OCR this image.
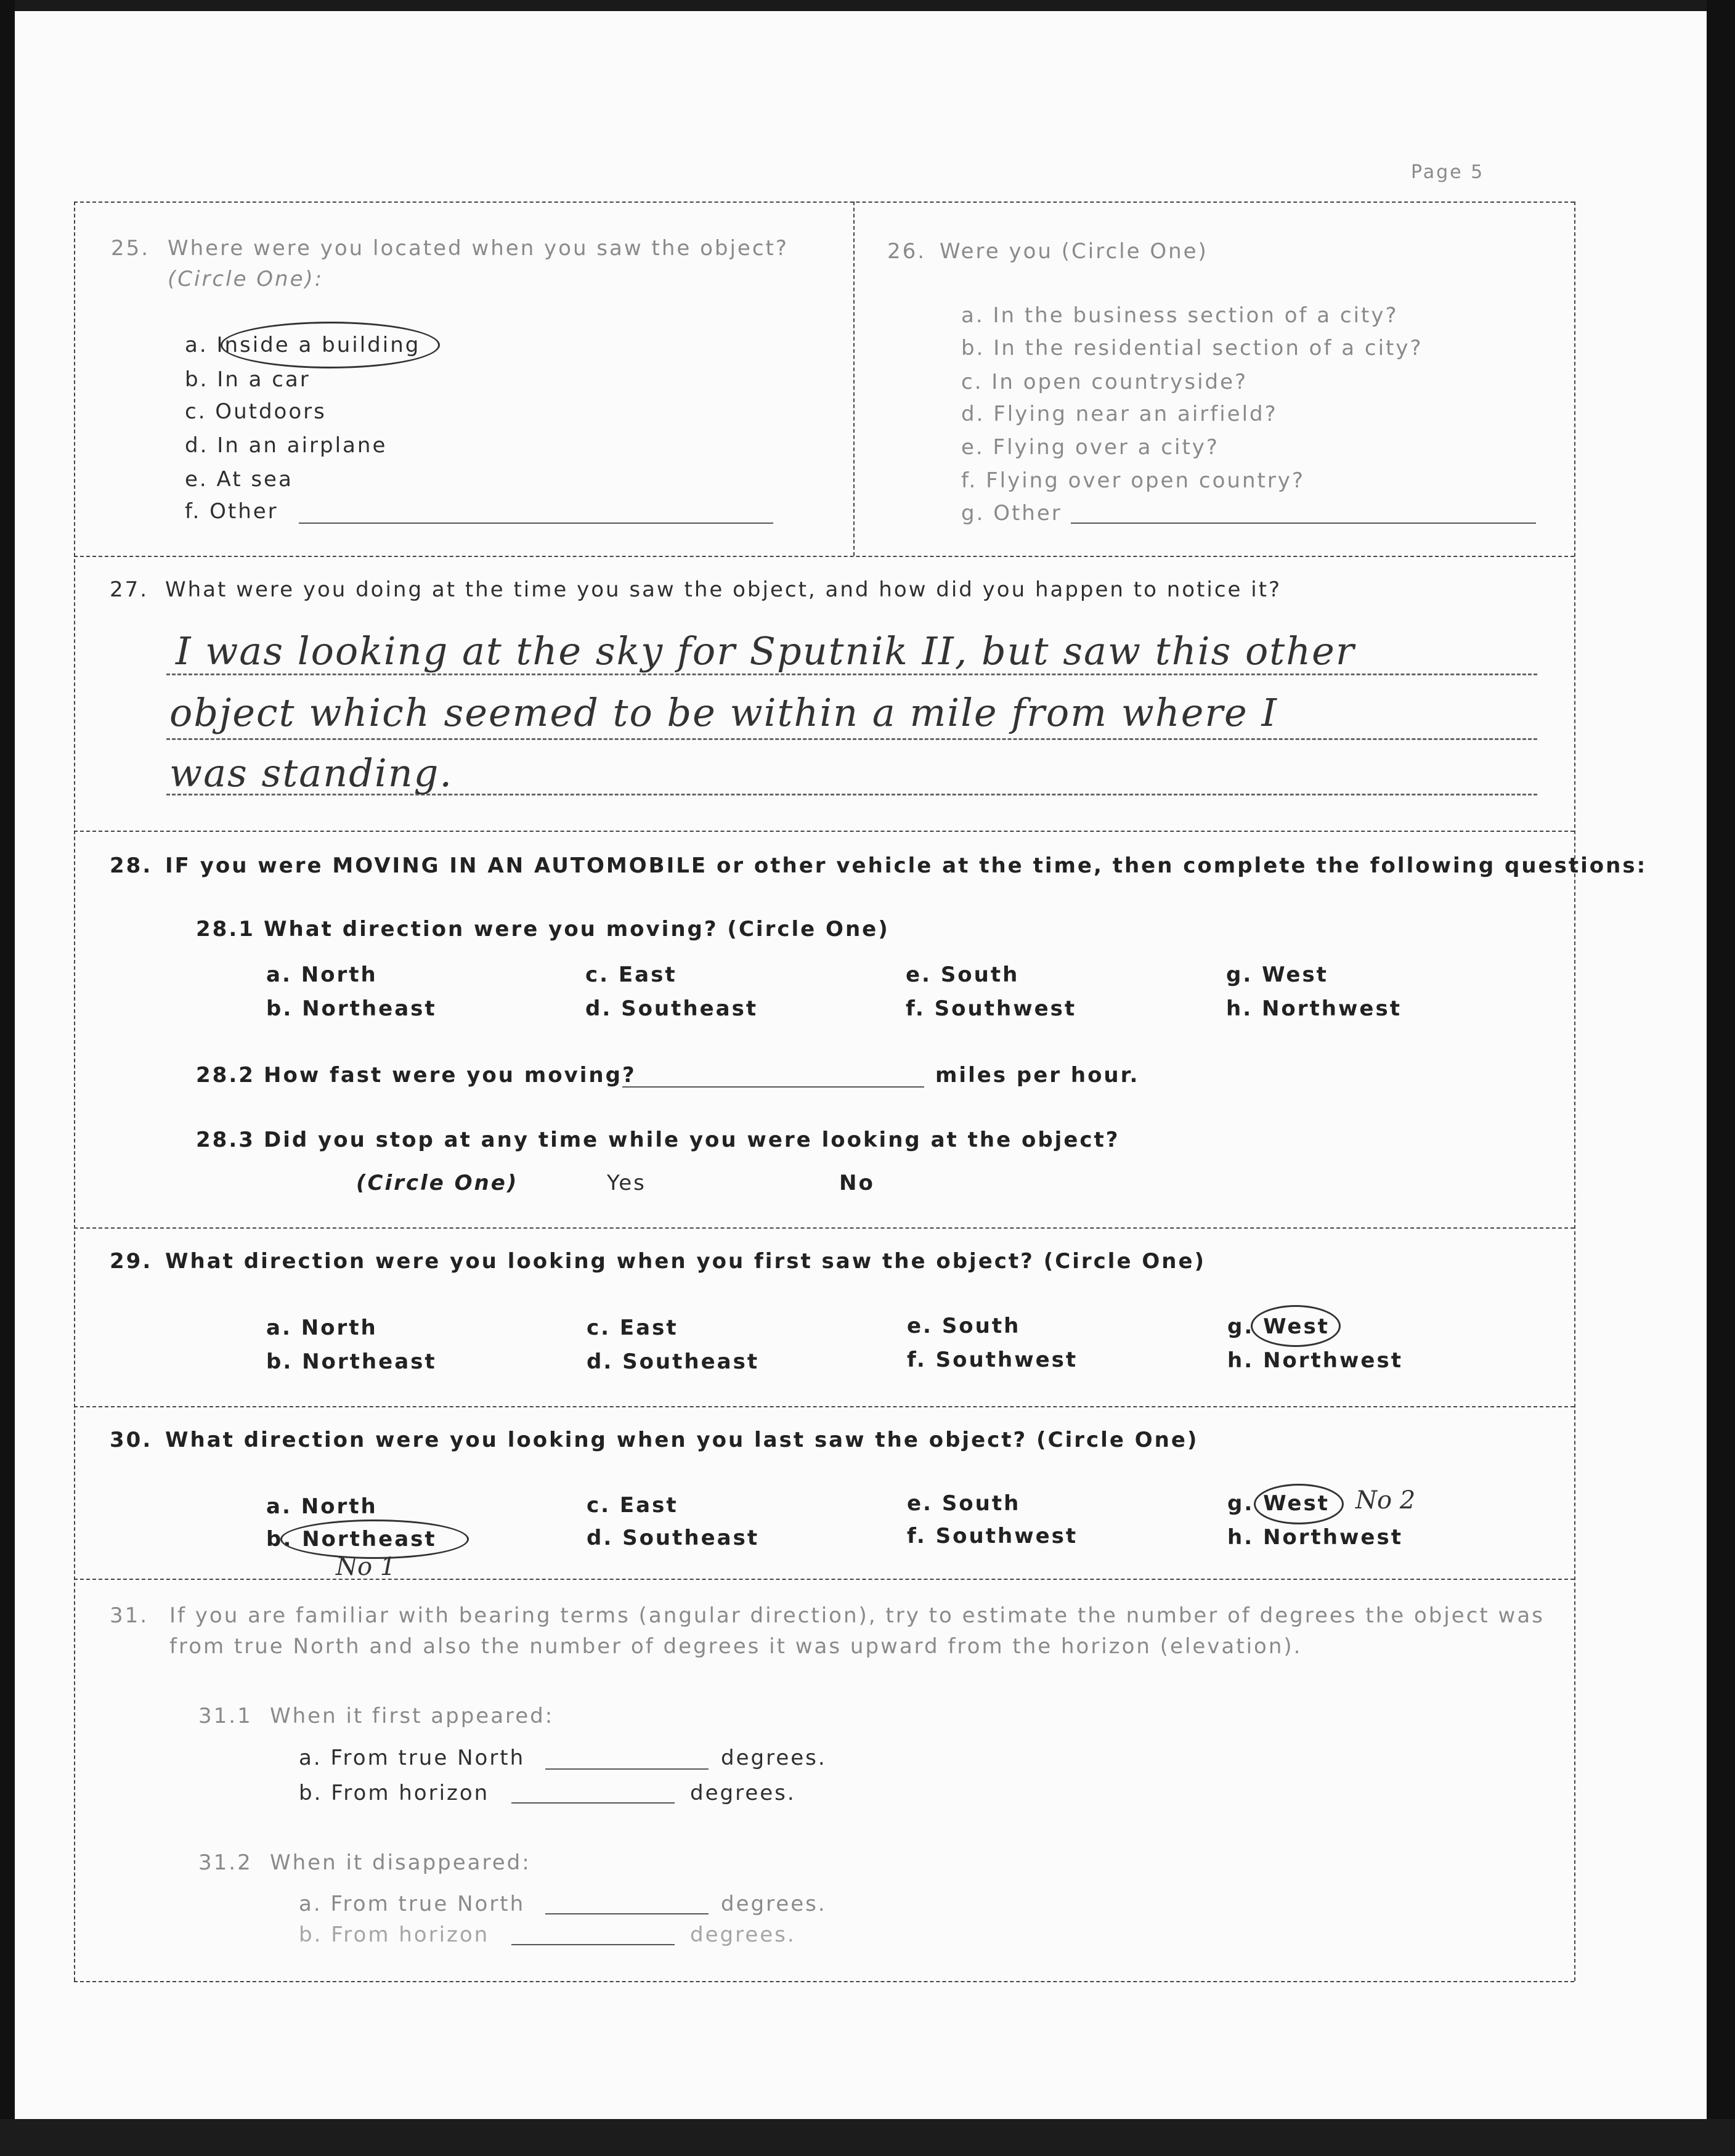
Page 5
25. Where were you located when you saw the object?
(Circle One):
a. Inside a building
b. In a car
c. Outdoors
d. In an airplane
e. At sea
f. Other
26. Were you (Circle One)
a. In the business section of a city?
b. In the residential section of a city?
c. In open countryside?
d. Flying near an airfield?
e. Flying over a city?
f. Flying over open country?
g. Other
27. What were you doing at the time you saw the object, and how did you happen to notice it?
I was looking at the sky for Sputnik II, but saw this other
object which seemed to be within a mile from where I
was standing.
28. IF you were MOVING IN AN AUTOMOBILE or other vehicle at the time, then complete the following questions:
28.1 What direction were you moving? (Circle One)
a. North
b. Northeast
c. East
d. Southeast
e. South
f. Southwest
g. West
h. Northwest
28.2 How fast were you moving?	miles per hour.
28.3 Did you stop at any time while you were looking at the object?
(Circle One)	Yes	No
29. What direction were you looking when you first saw the object? (Circle One)
a. North
b. Northeast
c. East
d. Southeast
e. South
f. Southwest
g. West
h. Northwest
30. What direction were you looking when you last saw the object? (Circle One)
a. North
b. Northeast
No 1
c. East
d. Southeast
e. South
f. Southwest
g. West No 2
h. Northwest
31. If you are familiar with bearing terms (angular direction), try to estimate the number of degrees the object was
from true North and also the number of degrees it was upward from the horizon (elevation).
31.1 When it first appeared:
a. From true North	degrees.
b. From horizon	degrees.
31.2 When it disappeared:
a. From true North	degrees.
b. From horizon	degrees.
